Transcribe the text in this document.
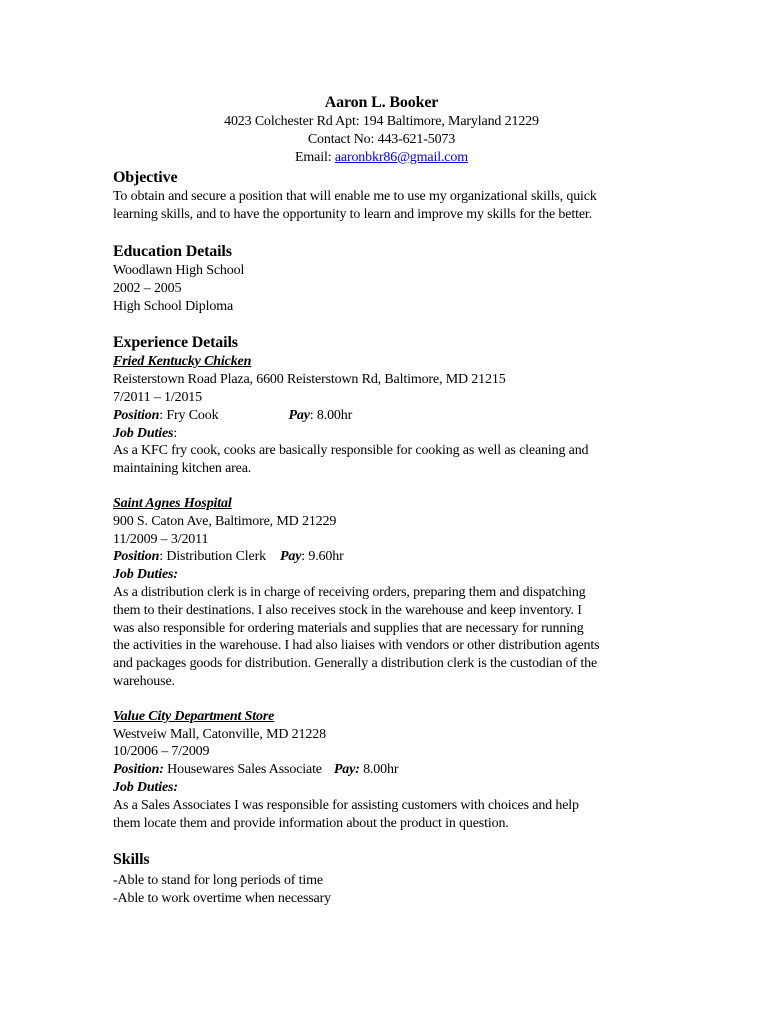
Aaron L. Booker
4023 Colchester Rd Apt: 194 Baltimore, Maryland 21229
Contact No: 443-621-5073
Email: aaronbkr86@gmail.com
Objective
To obtain and secure a position that will enable me to use my organizational skills, quick
learning skills, and to have the opportunity to learn and improve my skills for the better.
Education Details
Woodlawn High School
2002 – 2005
High School Diploma
Experience Details
Fried Kentucky Chicken
Reisterstown Road Plaza, 6600 Reisterstown Rd, Baltimore, MD 21215
7/2011 – 1/2015
Position: Fry Cook	Pay: 8.00hr
Job Duties:
As a KFC fry cook, cooks are basically responsible for cooking as well as cleaning and
maintaining kitchen area.
Saint Agnes Hospital
900 S. Caton Ave, Baltimore, MD 21229
11/2009 – 3/2011
Position: Distribution Clerk Pay: 9.60hr
Job Duties:
As a distribution clerk is in charge of receiving orders, preparing them and dispatching
them to their destinations. I also receives stock in the warehouse and keep inventory. I
was also responsible for ordering materials and supplies that are necessary for running
the activities in the warehouse. I had also liaises with vendors or other distribution agents
and packages goods for distribution. Generally a distribution clerk is the custodian of the
warehouse.
Value City Department Store
Westveiw Mall, Catonville, MD 21228
10/2006 – 7/2009
Position: Housewares Sales Associate Pay: 8.00hr
Job Duties:
As a Sales Associates I was responsible for assisting customers with choices and help
them locate them and provide information about the product in question.
Skills
-Able to stand for long periods of time
-Able to work overtime when necessary
